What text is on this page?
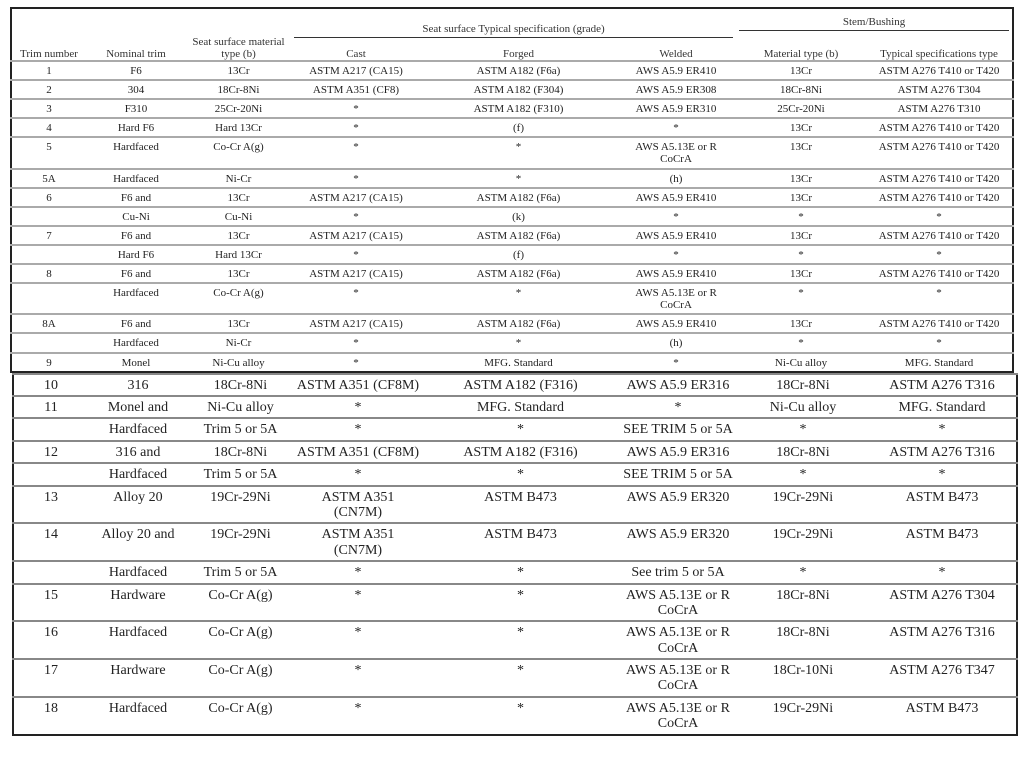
Trim number	Nominal trim	Seat surface material type (b)	Seat surface Typical specification (grade)			Stem/Bushing	

			Cast	Forged	Welded	Material type (b)	Typical specifications type
1	F6	13Cr	ASTM A217 (CA15)	ASTM A182 (F6a)	AWS A5.9 ER410	13Cr	ASTM A276 T410 or T420
2	304	18Cr-8Ni	ASTM A351 (CF8)	ASTM A182 (F304)	AWS A5.9 ER308	18Cr-8Ni	ASTM A276 T304
3	F310	25Cr-20Ni	*	ASTM A182 (F310)	AWS A5.9 ER310	25Cr-20Ni	ASTM A276 T310
4	Hard F6	Hard 13Cr	*	(f)	*	13Cr	ASTM A276 T410 or T420
5	Hardfaced	Co-Cr A(g)	*	*	AWS A5.13E or R CoCrA	13Cr	ASTM A276 T410 or T420
5A	Hardfaced	Ni-Cr	*	*	(h)	13Cr	ASTM A276 T410 or T420
6	F6 and	13Cr	ASTM A217 (CA15)	ASTM A182 (F6a)	AWS A5.9 ER410	13Cr	ASTM A276 T410 or T420
	Cu-Ni	Cu-Ni	*	(k)	*	*	*
7	F6 and	13Cr	ASTM A217 (CA15)	ASTM A182 (F6a)	AWS A5.9 ER410	13Cr	ASTM A276 T410 or T420
	Hard F6	Hard 13Cr	*	(f)	*	*	*
8	F6 and	13Cr	ASTM A217 (CA15)	ASTM A182 (F6a)	AWS A5.9 ER410	13Cr	ASTM A276 T410 or T420
	Hardfaced	Co-Cr A(g)	*	*	AWS A5.13E or R CoCrA	*	*
8A	F6 and	13Cr	ASTM A217 (CA15)	ASTM A182 (F6a)	AWS A5.9 ER410	13Cr	ASTM A276 T410 or T420
	Hardfaced	Ni-Cr	*	*	(h)	*	*
9	Monel	Ni-Cu alloy	*	MFG. Standard	*	Ni-Cu alloy	MFG. Standard
10	316	18Cr-8Ni	ASTM A351 (CF8M)	ASTM A182 (F316)	AWS A5.9 ER316	18Cr-8Ni	ASTM A276 T316
11	Monel and	Ni-Cu alloy	*	MFG. Standard	*	Ni-Cu alloy	MFG. Standard
	Hardfaced	Trim 5 or 5A	*	*	SEE TRIM 5 or 5A	*	*
12	316 and	18Cr-8Ni	ASTM A351 (CF8M)	ASTM A182 (F316)	AWS A5.9 ER316	18Cr-8Ni	ASTM A276 T316
	Hardfaced	Trim 5 or 5A	*	*	SEE TRIM 5 or 5A	*	*
13	Alloy 20	19Cr-29Ni	ASTM A351 (CN7M)	ASTM B473	AWS A5.9 ER320	19Cr-29Ni	ASTM B473
14	Alloy 20 and	19Cr-29Ni	ASTM A351 (CN7M)	ASTM B473	AWS A5.9 ER320	19Cr-29Ni	ASTM B473
	Hardfaced	Trim 5 or 5A	*	*	See trim 5 or 5A	*	*
15	Hardware	Co-Cr A(g)	*	*	AWS A5.13E or R CoCrA	18Cr-8Ni	ASTM A276 T304
16	Hardfaced	Co-Cr A(g)	*	*	AWS A5.13E or R CoCrA	18Cr-8Ni	ASTM A276 T316
17	Hardware	Co-Cr A(g)	*	*	AWS A5.13E or R CoCrA	18Cr-10Ni	ASTM A276 T347
18	Hardfaced	Co-Cr A(g)	*	*	AWS A5.13E or R CoCrA	19Cr-29Ni	ASTM B473
